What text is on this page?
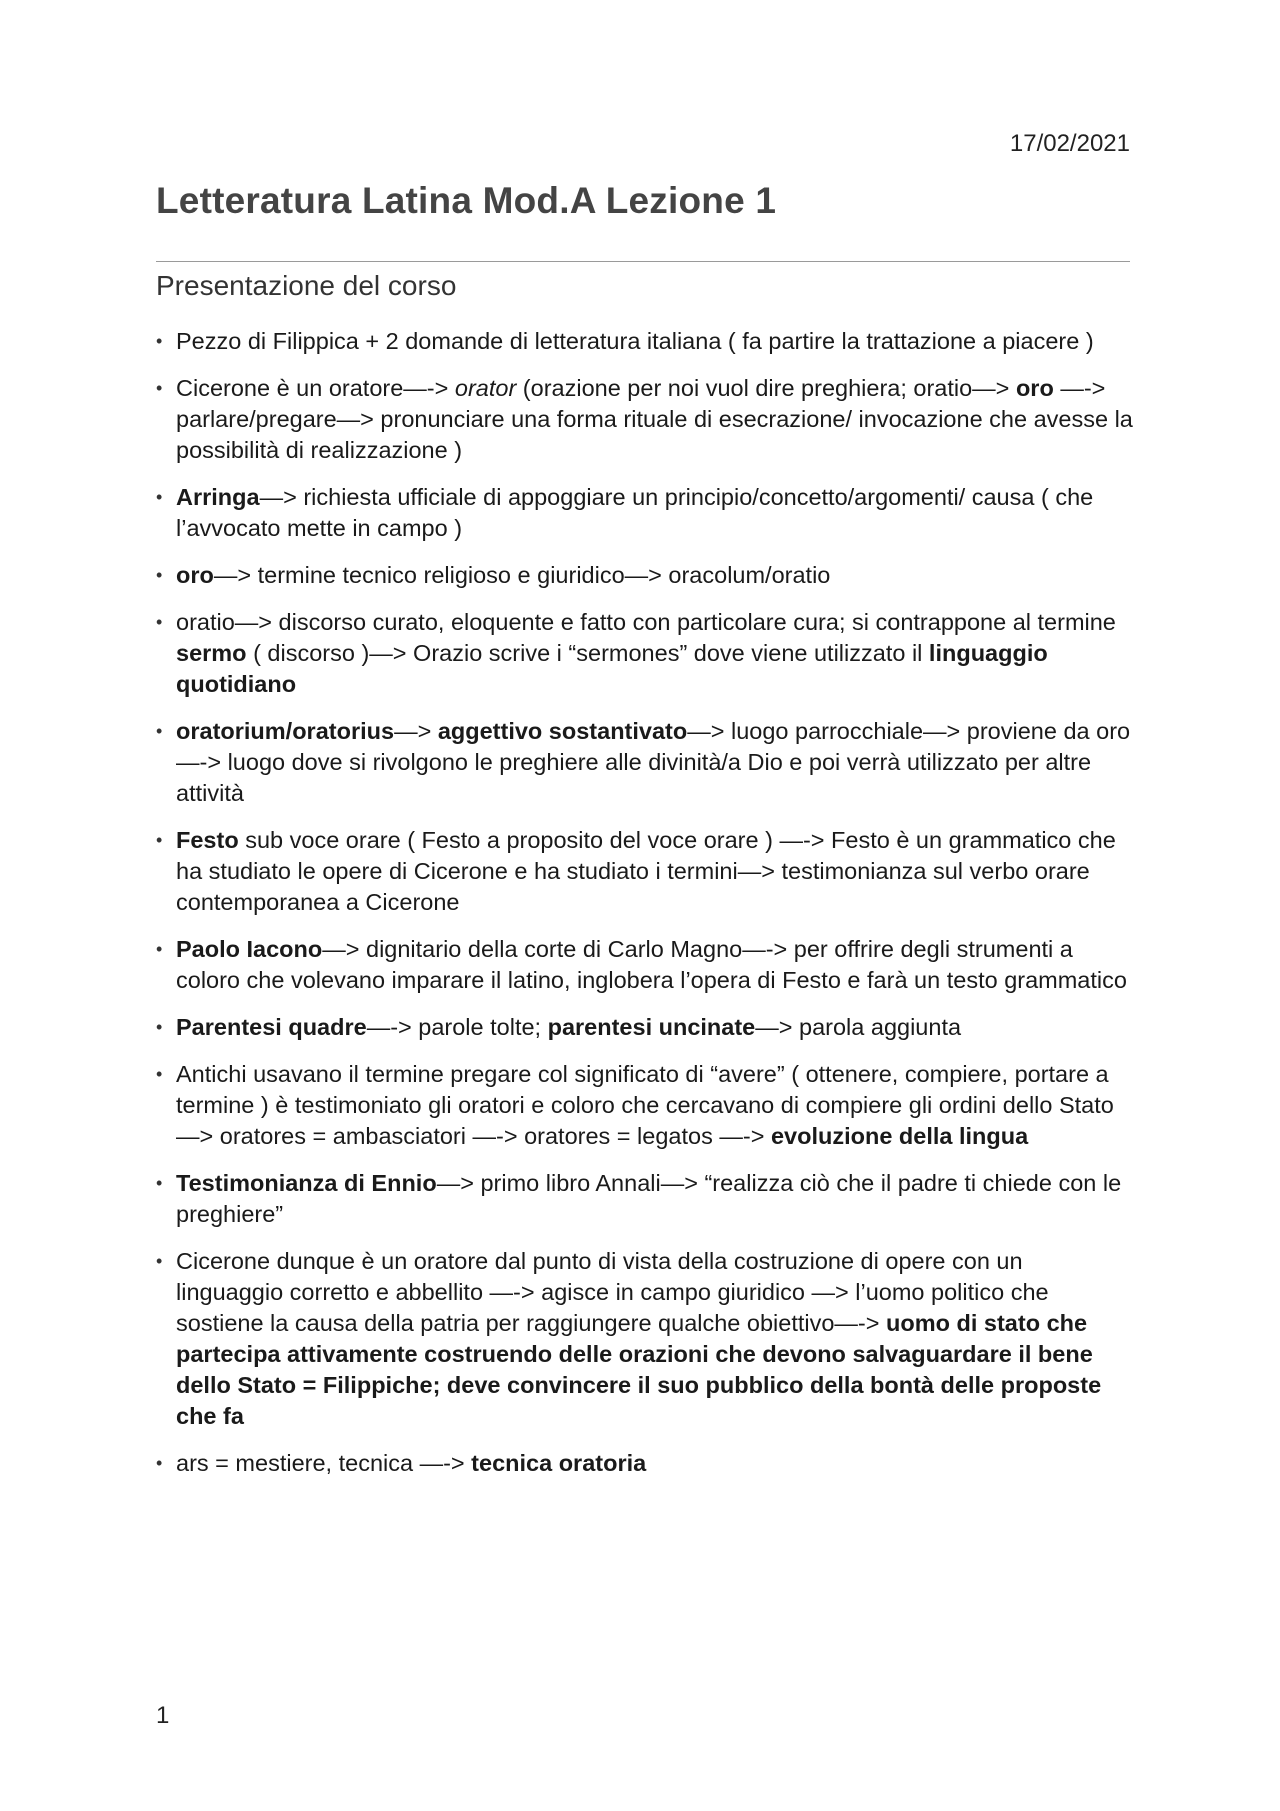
17/02/2021
Letteratura Latina Mod.A Lezione 1
Presentazione del corso
• Pezzo di Filippica + 2 domande di letteratura italiana ( fa partire la trattazione a piacere )
• Cicerone è un oratore—-> orator (orazione per noi vuol dire preghiera; oratio—> oro —-> parlare/pregare—> pronunciare una forma rituale di esecrazione/ invocazione che avesse la possibilità di realizzazione )
• Arringa—> richiesta ufficiale di appoggiare un principio/concetto/argomenti/ causa ( che l’avvocato mette in campo )
• oro—> termine tecnico religioso e giuridico—> oracolum/oratio
• oratio—> discorso curato, eloquente e fatto con particolare cura; si contrappone al termine sermo ( discorso )—> Orazio scrive i “sermones” dove viene utilizzato il linguaggio quotidiano
• oratorium/oratorius—> aggettivo sostantivato—> luogo parrocchiale—> proviene da oro—-> luogo dove si rivolgono le preghiere alle divinità/a Dio e poi verrà utilizzato per altre attività
• Festo sub voce orare ( Festo a proposito del voce orare ) —-> Festo è un grammatico che ha studiato le opere di Cicerone e ha studiato i termini—> testimonianza sul verbo orare contemporanea a Cicerone
• Paolo Iacono—> dignitario della corte di Carlo Magno—-> per offrire degli strumenti a coloro che volevano imparare il latino, inglobera l’opera di Festo e farà un testo grammatico
• Parentesi quadre—-> parole tolte; parentesi uncinate—> parola aggiunta
• Antichi usavano il termine pregare col significato di “avere” ( ottenere, compiere, portare a termine ) è testimoniato gli oratori e coloro che cercavano di compiere gli ordini dello Stato—> oratores = ambasciatori —-> oratores = legatos —-> evoluzione della lingua
• Testimonianza di Ennio—> primo libro Annali—> “realizza ciò che il padre ti chiede con le preghiere”
• Cicerone dunque è un oratore dal punto di vista della costruzione di opere con un linguaggio corretto e abbellito —-> agisce in campo giuridico —> l’uomo politico che sostiene la causa della patria per raggiungere qualche obiettivo—-> uomo di stato che partecipa attivamente costruendo delle orazioni che devono salvaguardare il bene dello Stato = Filippiche; deve convincere il suo pubblico della bontà delle proposte che fa
• ars = mestiere, tecnica —-> tecnica oratoria
1
